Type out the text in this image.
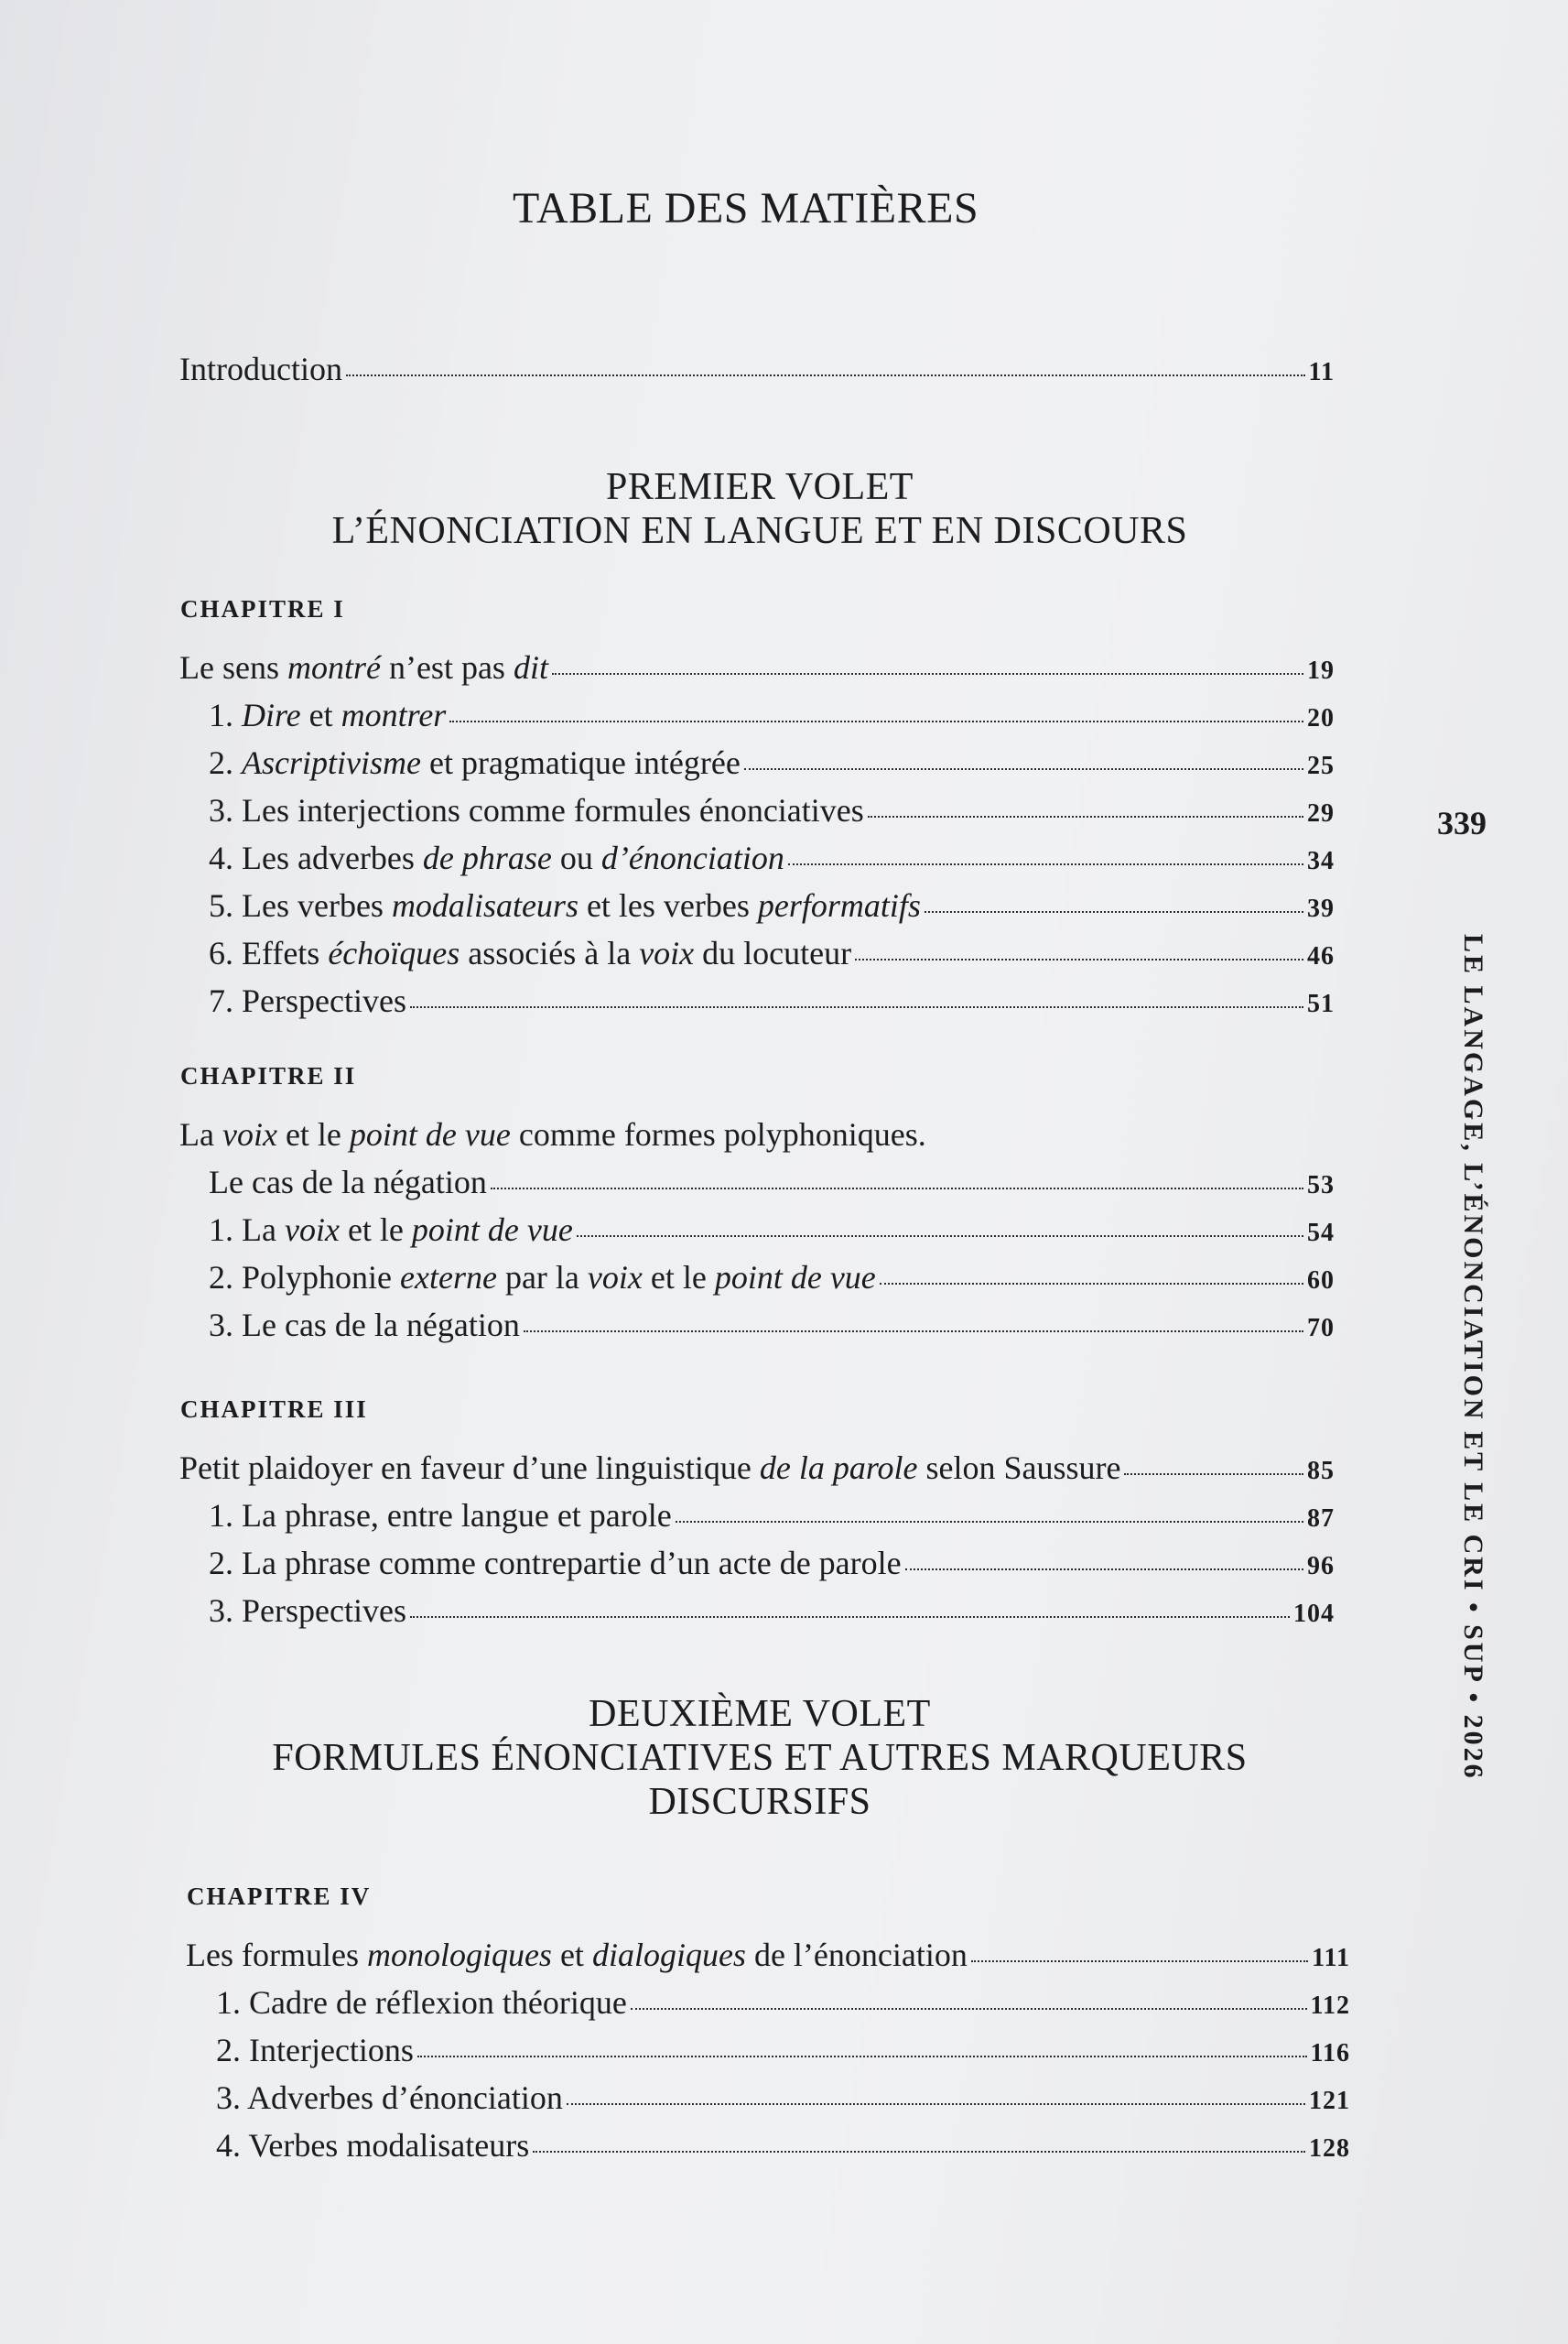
TABLE DES MATIÈRES
Introduction	11
PREMIER VOLET
L’ÉNONCIATION EN LANGUE ET EN DISCOURS
CHAPITRE I
Le sens montré n’est pas dit	19
1. Dire et montrer	20
2. Ascriptivisme et pragmatique intégrée	25
3. Les interjections comme formules énonciatives	29
4. Les adverbes de phrase ou d’énonciation	34
5. Les verbes modalisateurs et les verbes performatifs	39
6. Effets échoïques associés à la voix du locuteur	46
7. Perspectives	51
CHAPITRE II
La voix et le point de vue comme formes polyphoniques.
Le cas de la négation	53
1. La voix et le point de vue	54
2. Polyphonie externe par la voix et le point de vue	60
3. Le cas de la négation	70
CHAPITRE III
Petit plaidoyer en faveur d’une linguistique de la parole selon Saussure	85
1. La phrase, entre langue et parole	87
2. La phrase comme contrepartie d’un acte de parole	96
3. Perspectives	104
DEUXIÈME VOLET
FORMULES ÉNONCIATIVES ET AUTRES MARQUEURS
DISCURSIFS
CHAPITRE IV
Les formules monologiques et dialogiques de l’énonciation	111
1. Cadre de réflexion théorique	112
2. Interjections	116
3. Adverbes d’énonciation	121
4. Verbes modalisateurs	128
339
LE LANGAGE, L’ÉNONCIATION ET LE CRI • SUP • 2026
